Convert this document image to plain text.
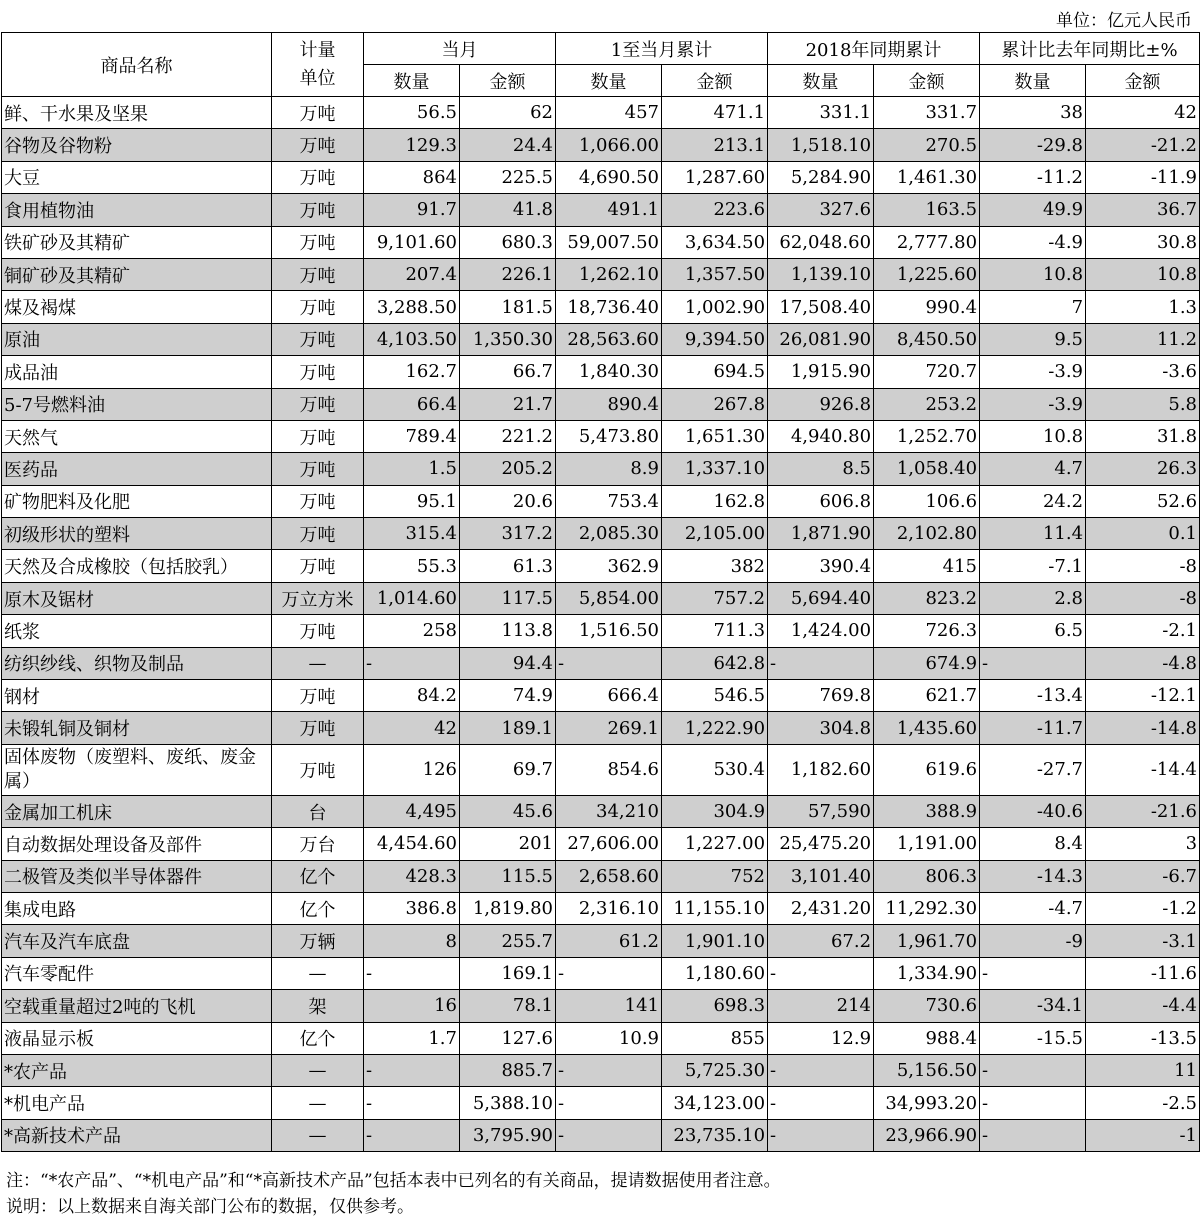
单位：亿元人民币
商品名称	计量
单位	当月		1至当月累计		2018年同期累计		累计比去年同期比±%	
		数量	金额	数量	金额	数量	金额	数量	金额
鲜、干水果及坚果	万吨	56.5	62	457	471.1	331.1	331.7	38	42
谷物及谷物粉	万吨	129.3	24.4	1,066.00	213.1	1,518.10	270.5	-29.8	-21.2
大豆	万吨	864	225.5	4,690.50	1,287.60	5,284.90	1,461.30	-11.2	-11.9
食用植物油	万吨	91.7	41.8	491.1	223.6	327.6	163.5	49.9	36.7
铁矿砂及其精矿	万吨	9,101.60	680.3	59,007.50	3,634.50	62,048.60	2,777.80	-4.9	30.8
铜矿砂及其精矿	万吨	207.4	226.1	1,262.10	1,357.50	1,139.10	1,225.60	10.8	10.8
煤及褐煤	万吨	3,288.50	181.5	18,736.40	1,002.90	17,508.40	990.4	7	1.3
原油	万吨	4,103.50	1,350.30	28,563.60	9,394.50	26,081.90	8,450.50	9.5	11.2
成品油	万吨	162.7	66.7	1,840.30	694.5	1,915.90	720.7	-3.9	-3.6
5-7号燃料油	万吨	66.4	21.7	890.4	267.8	926.8	253.2	-3.9	5.8
天然气	万吨	789.4	221.2	5,473.80	1,651.30	4,940.80	1,252.70	10.8	31.8
医药品	万吨	1.5	205.2	8.9	1,337.10	8.5	1,058.40	4.7	26.3
矿物肥料及化肥	万吨	95.1	20.6	753.4	162.8	606.8	106.6	24.2	52.6
初级形状的塑料	万吨	315.4	317.2	2,085.30	2,105.00	1,871.90	2,102.80	11.4	0.1
天然及合成橡胶（包括胶乳）	万吨	55.3	61.3	362.9	382	390.4	415	-7.1	-8
原木及锯材	万立方米	1,014.60	117.5	5,854.00	757.2	5,694.40	823.2	2.8	-8
纸浆	万吨	258	113.8	1,516.50	711.3	1,424.00	726.3	6.5	-2.1
纺织纱线、织物及制品	—	-	94.4	-	642.8	-	674.9	-	-4.8
钢材	万吨	84.2	74.9	666.4	546.5	769.8	621.7	-13.4	-12.1
未锻轧铜及铜材	万吨	42	189.1	269.1	1,222.90	304.8	1,435.60	-11.7	-14.8
固体废物（废塑料、废纸、废金属）	万吨	126	69.7	854.6	530.4	1,182.60	619.6	-27.7	-14.4
金属加工机床	台	4,495	45.6	34,210	304.9	57,590	388.9	-40.6	-21.6
自动数据处理设备及部件	万台	4,454.60	201	27,606.00	1,227.00	25,475.20	1,191.00	8.4	3
二极管及类似半导体器件	亿个	428.3	115.5	2,658.60	752	3,101.40	806.3	-14.3	-6.7
集成电路	亿个	386.8	1,819.80	2,316.10	11,155.10	2,431.20	11,292.30	-4.7	-1.2
汽车及汽车底盘	万辆	8	255.7	61.2	1,901.10	67.2	1,961.70	-9	-3.1
汽车零配件	—	-	169.1	-	1,180.60	-	1,334.90	-	-11.6
空载重量超过2吨的飞机	架	16	78.1	141	698.3	214	730.6	-34.1	-4.4
液晶显示板	亿个	1.7	127.6	10.9	855	12.9	988.4	-15.5	-13.5
*农产品	—	-	885.7	-	5,725.30	-	5,156.50	-	11
*机电产品	—	-	5,388.10	-	34,123.00	-	34,993.20	-	-2.5
*高新技术产品	—	-	3,795.90	-	23,735.10	-	23,966.90	-	-1
注：“*农产品”、“*机电产品”和“*高新技术产品”包括本表中已列名的有关商品，提请数据使用者注意。
说明：以上数据来自海关部门公布的数据，仅供参考。
